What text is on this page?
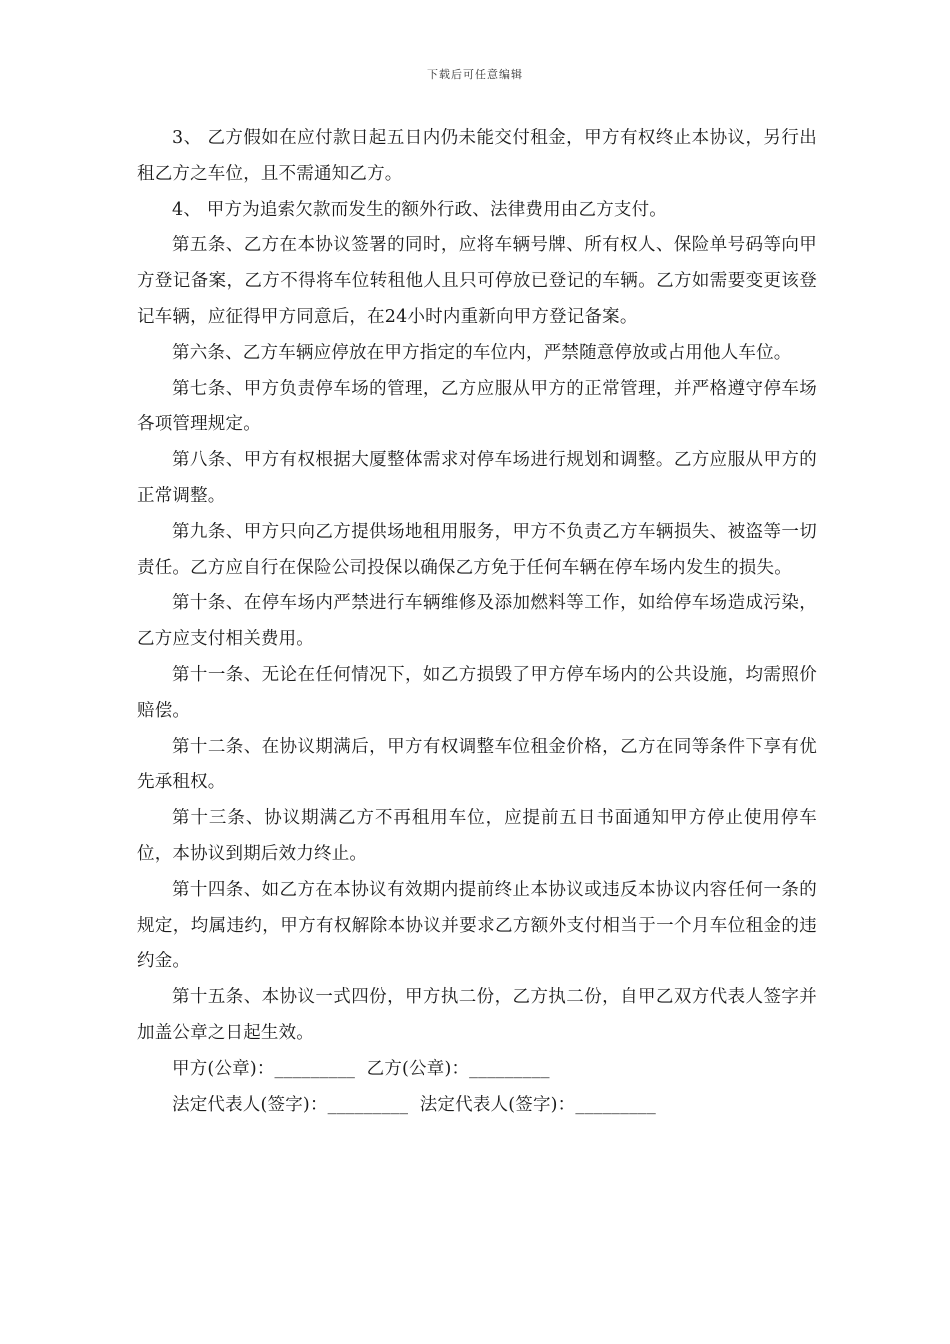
下载后可任意编辑

3、 乙方假如在应付款日起五日内仍未能交付租金，甲方有权终止本协议，另行出租乙方之车位，且不需通知乙方。

4、 甲方为追索欠款而发生的额外行政、法律费用由乙方支付。

第五条、乙方在本协议签署的同时，应将车辆号牌、所有权人、保险单号码等向甲方登记备案，乙方不得将车位转租他人且只可停放已登记的车辆。乙方如需要变更该登记车辆，应征得甲方同意后，在24小时内重新向甲方登记备案。

第六条、乙方车辆应停放在甲方指定的车位内，严禁随意停放或占用他人车位。

第七条、甲方负责停车场的管理，乙方应服从甲方的正常管理，并严格遵守停车场各项管理规定。

第八条、甲方有权根据大厦整体需求对停车场进行规划和调整。乙方应服从甲方的正常调整。

第九条、甲方只向乙方提供场地租用服务，甲方不负责乙方车辆损失、被盗等一切责任。乙方应自行在保险公司投保以确保乙方免于任何车辆在停车场内发生的损失。

第十条、在停车场内严禁进行车辆维修及添加燃料等工作，如给停车场造成污染，乙方应支付相关费用。

第十一条、无论在任何情况下，如乙方损毁了甲方停车场内的公共设施，均需照价赔偿。

第十二条、在协议期满后，甲方有权调整车位租金价格，乙方在同等条件下享有优先承租权。

第十三条、协议期满乙方不再租用车位，应提前五日书面通知甲方停止使用停车位，本协议到期后效力终止。

第十四条、如乙方在本协议有效期内提前终止本协议或违反本协议内容任何一条的规定，均属违约，甲方有权解除本协议并要求乙方额外支付相当于一个月车位租金的违约金。

第十五条、本协议一式四份，甲方执二份，乙方执二份，自甲乙双方代表人签字并加盖公章之日起生效。

甲方(公章)：_________  乙方(公章)：_________

法定代表人(签字)：_________  法定代表人(签字)：_________
